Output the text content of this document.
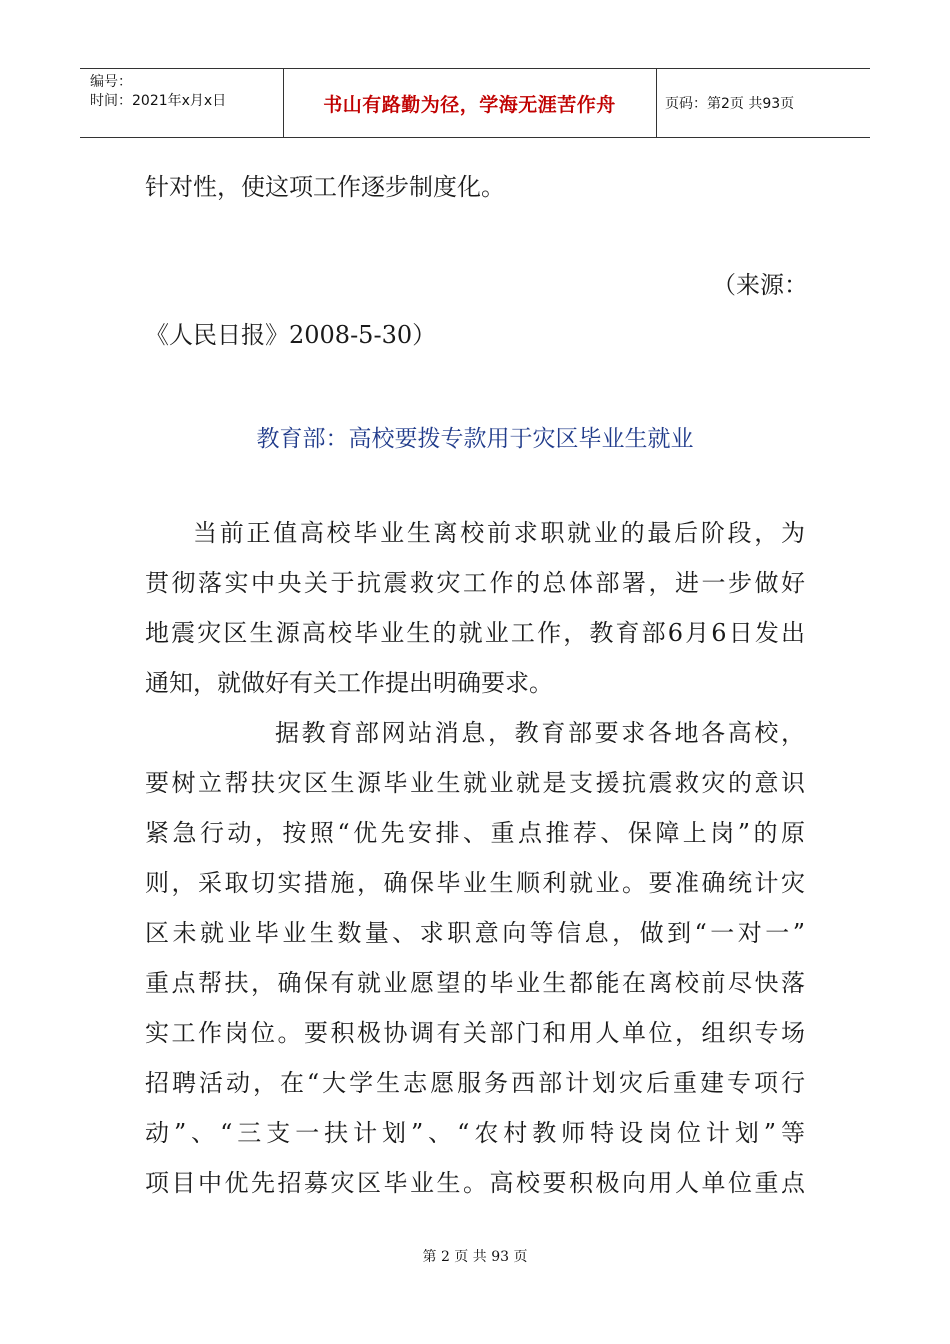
编号：
时间：2021年x月x日	书山有路勤为径，学海无涯苦作舟	页码：第2页 共93页
针对性，使这项工作逐步制度化。
（来源：
《人民日报》2008-5-30）
教育部：高校要拨专款用于灾区毕业生就业
当前正值高校毕业生离校前求职就业的最后阶段，为
贯彻落实中央关于抗震救灾工作的总体部署，进一步做好
地震灾区生源高校毕业生的就业工作，教育部6月6日发出
通知，就做好有关工作提出明确要求。
据教育部网站消息，教育部要求各地各高校，
要树立帮扶灾区生源毕业生就业就是支援抗震救灾的意识
紧急行动，按照“优先安排、重点推荐、保障上岗”的原
则，采取切实措施，确保毕业生顺利就业。要准确统计灾
区未就业毕业生数量、求职意向等信息，做到“一对一”
重点帮扶，确保有就业愿望的毕业生都能在离校前尽快落
实工作岗位。要积极协调有关部门和用人单位，组织专场
招聘活动，在“大学生志愿服务西部计划灾后重建专项行
动”、“三支一扶计划”、“农村教师特设岗位计划”等
项目中优先招募灾区毕业生。高校要积极向用人单位重点
第 2 页 共 93 页
